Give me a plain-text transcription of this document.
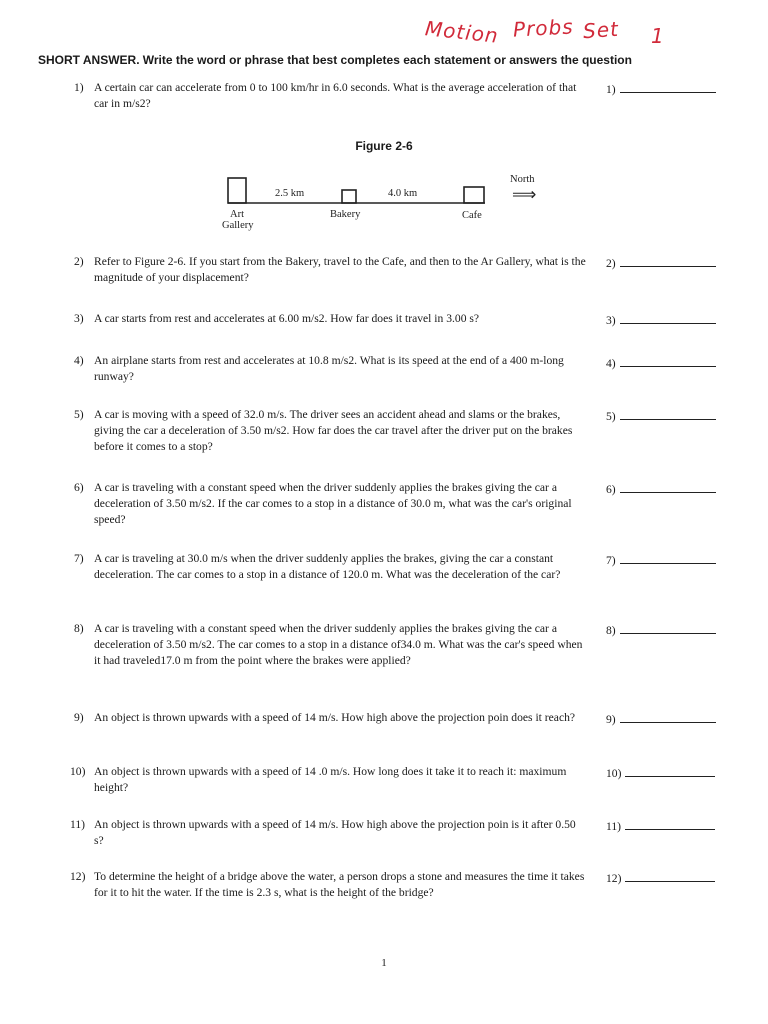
Motion Probs Set 1
SHORT ANSWER. Write the word or phrase that best completes each statement or answers the question
1) A certain car can accelerate from 0 to 100 km/hr in 6.0 seconds. What is the average acceleration of that car in m/s2?
1)
Figure 2-6
2.5 km	4.0 km
North
⟹
Art
Gallery
Bakery	Cafe
2) Refer to Figure 2-6. If you start from the Bakery, travel to the Cafe, and then to the Ar Gallery, what is the magnitude of your displacement?
2)
3) A car starts from rest and accelerates at 6.00 m/s2. How far does it travel in 3.00 s?	3)
4) An airplane starts from rest and accelerates at 10.8 m/s2. What is its speed at the end of a 400 m-long runway?
4)
5) A car is moving with a speed of 32.0 m/s. The driver sees an accident ahead and slams or the brakes, giving the car a deceleration of 3.50 m/s2. How far does the car travel after the driver put on the brakes before it comes to a stop?
5)
6) A car is traveling with a constant speed when the driver suddenly applies the brakes giving the car a deceleration of 3.50 m/s2. If the car comes to a stop in a distance of 30.0 m, what was the car's original speed?
6)
7) A car is traveling at 30.0 m/s when the driver suddenly applies the brakes, giving the car a constant deceleration. The car comes to a stop in a distance of 120.0 m. What was the deceleration of the car?
7)
8) A car is traveling with a constant speed when the driver suddenly applies the brakes giving the car a deceleration of 3.50 m/s2. The car comes to a stop in a distance of34.0 m. What was the car's speed when it had traveled17.0 m from the point where the brakes were applied?
8)
9) An object is thrown upwards with a speed of 14 m/s. How high above the projection poin does it reach?	9)
10) An object is thrown upwards with a speed of 14 .0 m/s. How long does it take it to reach it: maximum height?
10)
11) An object is thrown upwards with a speed of 14 m/s. How high above the projection poin is it after 0.50 s?
11)
12) To determine the height of a bridge above the water, a person drops a stone and measures the time it takes for it to hit the water. If the time is 2.3 s, what is the height of the bridge?
12)
1
